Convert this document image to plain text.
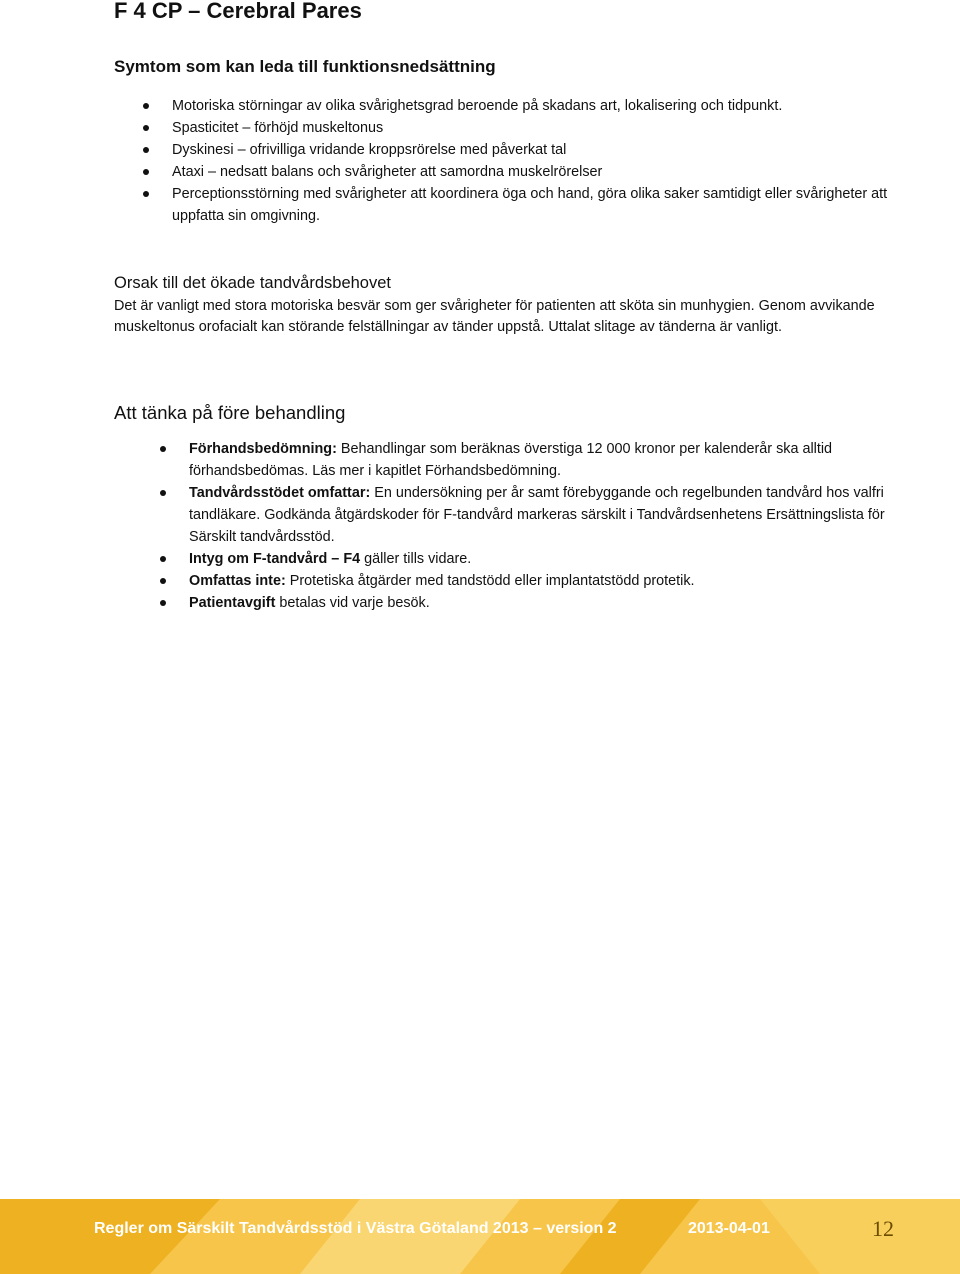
F 4 CP – Cerebral Pares
Symtom som kan leda till funktionsnedsättning
Motoriska störningar av olika svårighetsgrad beroende på skadans art, lokalisering och tidpunkt.
Spasticitet – förhöjd muskeltonus
Dyskinesi – ofrivilliga vridande kroppsrörelse med påverkat tal
Ataxi – nedsatt balans och svårigheter att samordna muskelrörelser
Perceptionsstörning med svårigheter att koordinera öga och hand, göra olika saker samtidigt eller svårigheter att uppfatta sin omgivning.
Orsak till det ökade tandvårdsbehovet

Det är vanligt med stora motoriska besvär som ger svårigheter för patienten att sköta sin munhygien. Genom avvikande muskeltonus orofacialt kan störande felställningar av tänder uppstå. Uttalat slitage av tänderna är vanligt.

Att tänka på före behandling
Förhandsbedömning: Behandlingar som beräknas överstiga 12 000 kronor per kalenderår ska alltid förhandsbedömas. Läs mer i kapitlet Förhandsbedömning.
Tandvårdsstödet omfattar: En undersökning per år samt förebyggande och regelbunden tandvård hos valfri tandläkare. Godkända åtgärdskoder för F-tandvård markeras särskilt i Tandvårdsenhetens Ersättningslista för Särskilt tandvårdsstöd.
Intyg om F-tandvård – F4 gäller tills vidare.
Omfattas inte: Protetiska åtgärder med tandstödd eller implantatstödd protetik.
Patientavgift betalas vid varje besök.
Regler om Särskilt Tandvårdsstöd i Västra Götaland 2013 – version 2	2013-04-01	12
